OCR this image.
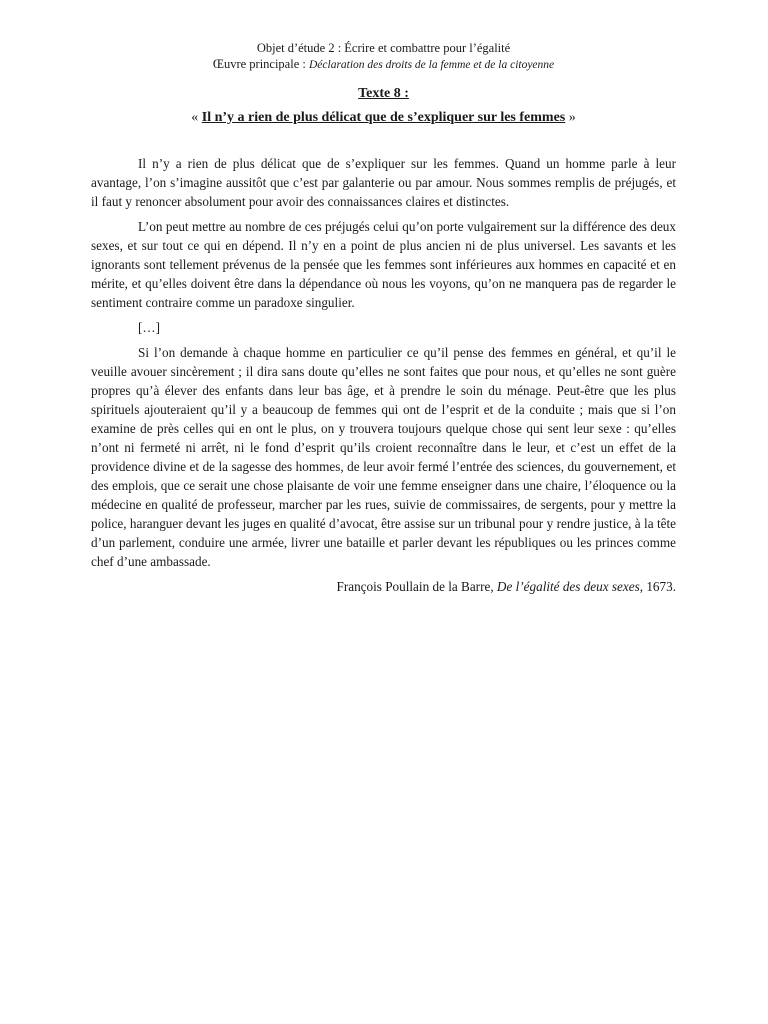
Objet d’étude 2 : Écrire et combattre pour l’égalité

Œuvre principale : Déclaration des droits de la femme et de la citoyenne

Texte 8 :

« Il n’y a rien de plus délicat que de s’expliquer sur les femmes »

Il n’y a rien de plus délicat que de s’expliquer sur les femmes. Quand un homme parle à leur avantage, l’on s’imagine aussitôt que c’est par galanterie ou par amour. Nous sommes remplis de préjugés, et il faut y renoncer absolument pour avoir des connaissances claires et distinctes.

L’on peut mettre au nombre de ces préjugés celui qu’on porte vulgairement sur la différence des deux sexes, et sur tout ce qui en dépend. Il n’y en a point de plus ancien ni de plus universel. Les savants et les ignorants sont tellement prévenus de la pensée que les femmes sont inférieures aux hommes en capacité et en mérite, et qu’elles doivent être dans la dépendance où nous les voyons, qu’on ne manquera pas de regarder le sentiment contraire comme un paradoxe singulier.

[…]

Si l’on demande à chaque homme en particulier ce qu’il pense des femmes en général, et qu’il le veuille avouer sincèrement ; il dira sans doute qu’elles ne sont faites que pour nous, et qu’elles ne sont guère propres qu’à élever des enfants dans leur bas âge, et à prendre le soin du ménage. Peut-être que les plus spirituels ajouteraient qu’il y a beaucoup de femmes qui ont de l’esprit et de la conduite ; mais que si l’on examine de près celles qui en ont le plus, on y trouvera toujours quelque chose qui sent leur sexe : qu’elles n’ont ni fermeté ni arrêt, ni le fond d’esprit qu’ils croient reconnaître dans le leur, et c’est un effet de la providence divine et de la sagesse des hommes, de leur avoir fermé l’entrée des sciences, du gouvernement, et des emplois, que ce serait une chose plaisante de voir une femme enseigner dans une chaire, l’éloquence ou la médecine en qualité de professeur, marcher par les rues, suivie de commissaires, de sergents, pour y mettre la police, haranguer devant les juges en qualité d’avocat, être assise sur un tribunal pour y rendre justice, à la tête d’un parlement, conduire une armée, livrer une bataille et parler devant les républiques ou les princes comme chef d’une ambassade.

François Poullain de la Barre, De l’égalité des deux sexes, 1673.
